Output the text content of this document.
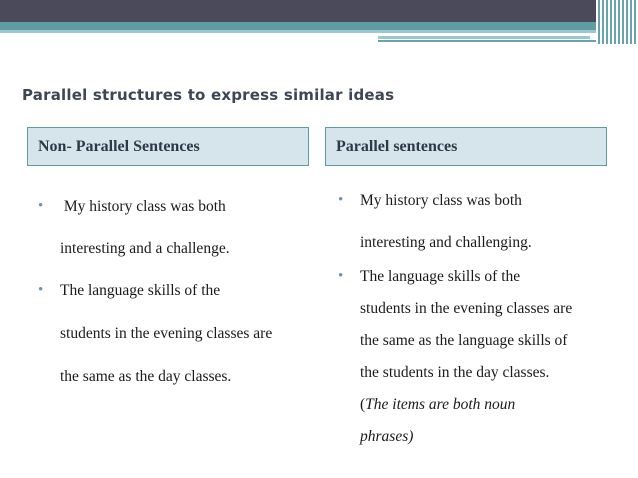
Parallel structures to express similar ideas
Non- Parallel Sentences	Parallel sentences
• My history class was both
interesting and a challenge.
• The language skills of the
students in the evening classes are
the same as the day classes.
• My history class was both
interesting and challenging.
• The language skills of the
students in the evening classes are
the same as the language skills of
the students in the day classes.
(The items are both noun
phrases)
